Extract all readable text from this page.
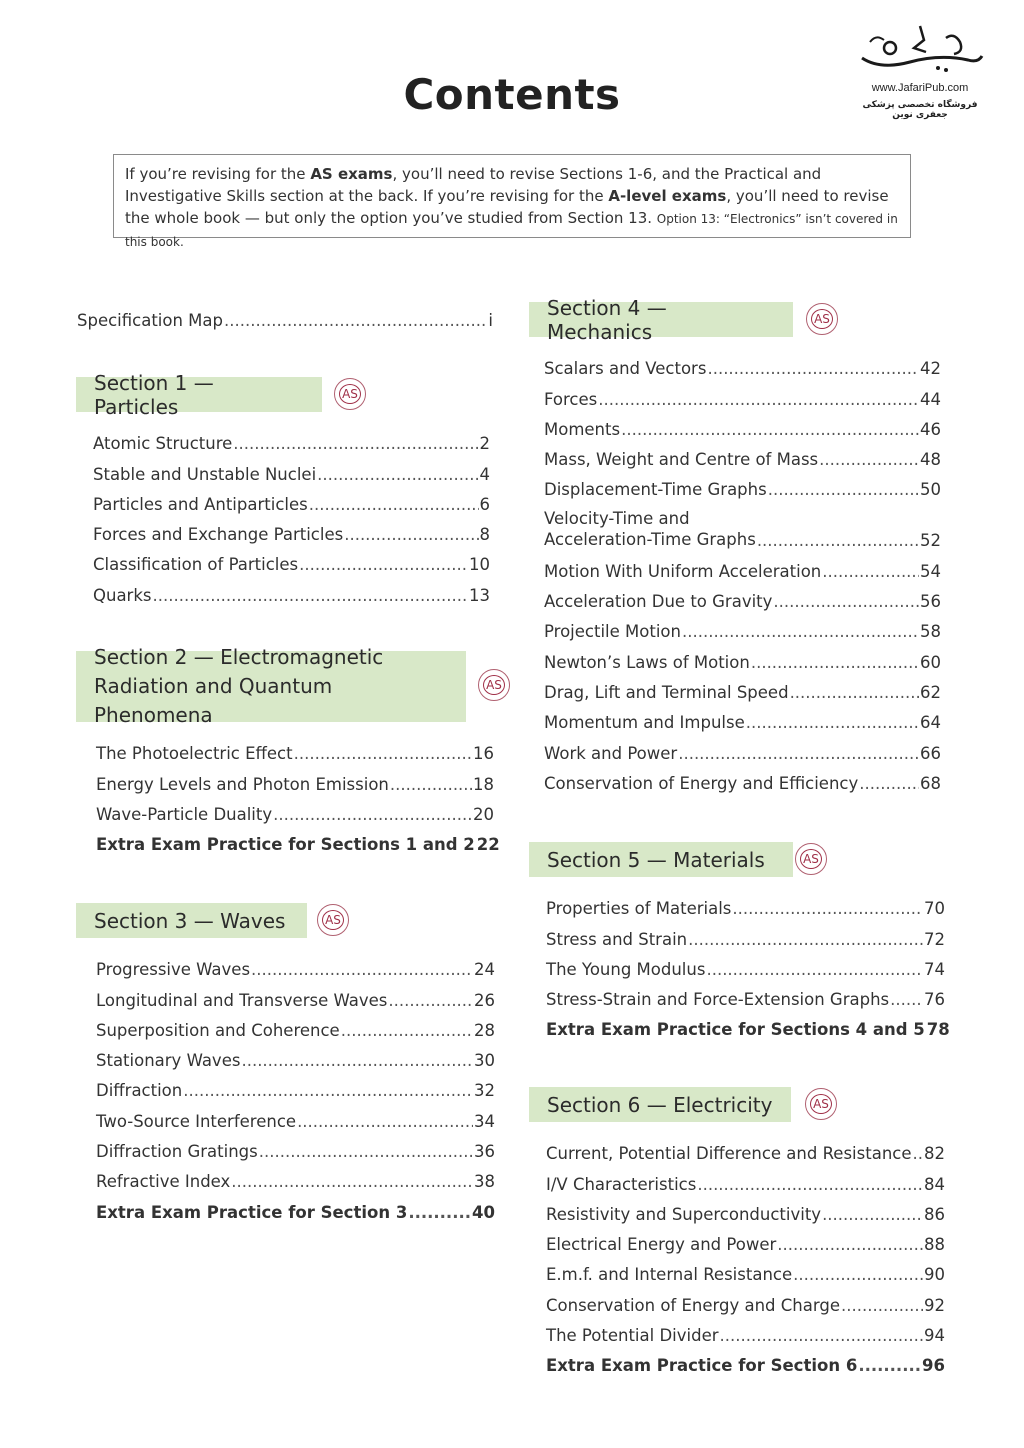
www.JafariPub.com
فروشگاه تخصصی پزشکی جعفری نوین
Contents
If you’re revising for the AS exams, you’ll need to revise Sections 1-6, and the Practical and Investigative Skills section at the back. If you’re revising for the A-level exams, you’ll need to revise the whole book — but only the option you’ve studied from Section 13. Option 13: “Electronics” isn’t covered in this book.
Specification Map .....	i
Section 1 — Particles
AS
Atomic Structure .....	2
Stable and Unstable Nuclei .....	4
Particles and Antiparticles .....	6
Forces and Exchange Particles .....	8
Classification of Particles .....	10
Quarks .....	13
Section 2 — Electromagnetic
Radiation and Quantum Phenomena
AS
The Photoelectric Effect .....	16
Energy Levels and Photon Emission .....	18
Wave-Particle Duality .....	20
Extra Exam Practice for Sections 1 and 2 22
Section 3 — Waves	AS
Progressive Waves .....	24
Longitudinal and Transverse Waves .....	26
Superposition and Coherence .....	28
Stationary Waves .....	30
Diffraction .....	32
Two-Source Interference .....	34
Diffraction Gratings .....	36
Refractive Index .....	38
Extra Exam Practice for Section 3 .....	40
Section 4 — Mechanics
AS
Scalars and Vectors .....	42
Forces .....	44
Moments .....	46
Mass, Weight and Centre of Mass .....	48
Displacement-Time Graphs .....	50
Velocity-Time and
Acceleration-Time Graphs .....	52
Motion With Uniform Acceleration .....	54
Acceleration Due to Gravity .....	56
Projectile Motion .....	58
Newton’s Laws of Motion .....	60
Drag, Lift and Terminal Speed .....	62
Momentum and Impulse .....	64
Work and Power .....	66
Conservation of Energy and Efficiency .....	68
Section 5 — Materials	AS
Properties of Materials .....	70
Stress and Strain .....	72
The Young Modulus .....	74
Stress-Strain and Force-Extension Graphs ..... 76
Extra Exam Practice for Sections 4 and 5 78
Section 6 — Electricity	AS
Current, Potential Difference and Resistance ..... 82
I/V Characteristics .....	84
Resistivity and Superconductivity .....	86
Electrical Energy and Power .....	88
E.m.f. and Internal Resistance .....	90
Conservation of Energy and Charge .....	92
The Potential Divider .....	94
Extra Exam Practice for Section 6 .....	96
